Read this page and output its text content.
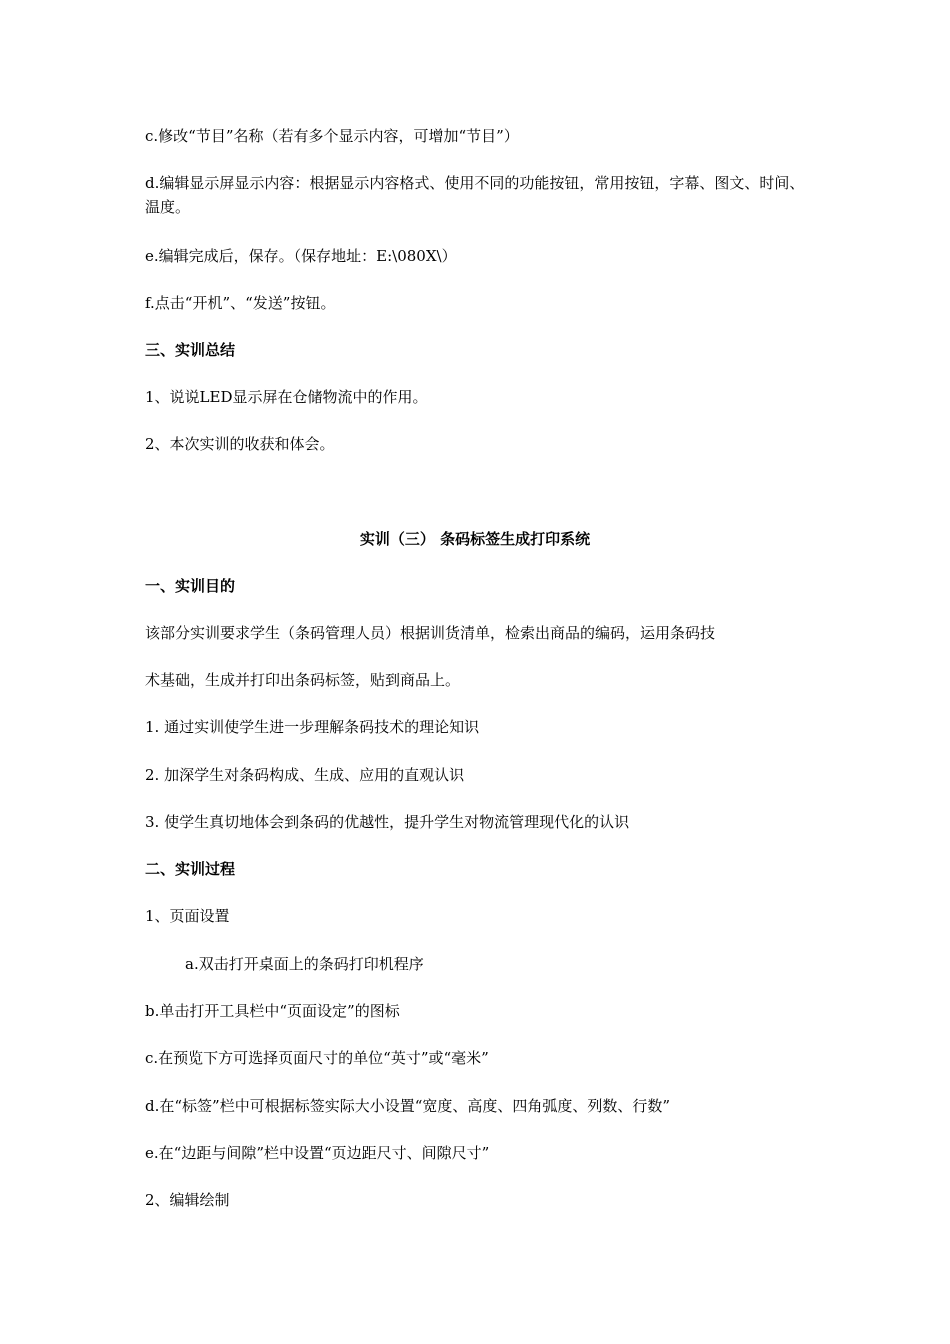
c.修改“节目”名称（若有多个显示内容，可增加“节目”）
d.编辑显示屏显示内容：根据显示内容格式、使用不同的功能按钮，常用按钮，字幕、图文、时间、温度。
e.编辑完成后，保存。（保存地址：E:\080X\）
f.点击“开机”、“发送”按钮。
三、实训总结
1、说说LED显示屏在仓储物流中的作用。
2、本次实训的收获和体会。
实训（三） 条码标签生成打印系统
一、实训目的
该部分实训要求学生（条码管理人员）根据训货清单，检索出商品的编码，运用条码技
术基础，生成并打印出条码标签，贴到商品上。
1. 通过实训使学生进一步理解条码技术的理论知识
2. 加深学生对条码构成、生成、应用的直观认识
3. 使学生真切地体会到条码的优越性，提升学生对物流管理现代化的认识
二、实训过程
1、页面设置
a.双击打开桌面上的条码打印机程序
b.单击打开工具栏中“页面设定”的图标
c.在预览下方可选择页面尺寸的单位“英寸”或“毫米”
d.在“标签”栏中可根据标签实际大小设置“宽度、高度、四角弧度、列数、行数”
e.在“边距与间隙”栏中设置“页边距尺寸、间隙尺寸”
2、编辑绘制
